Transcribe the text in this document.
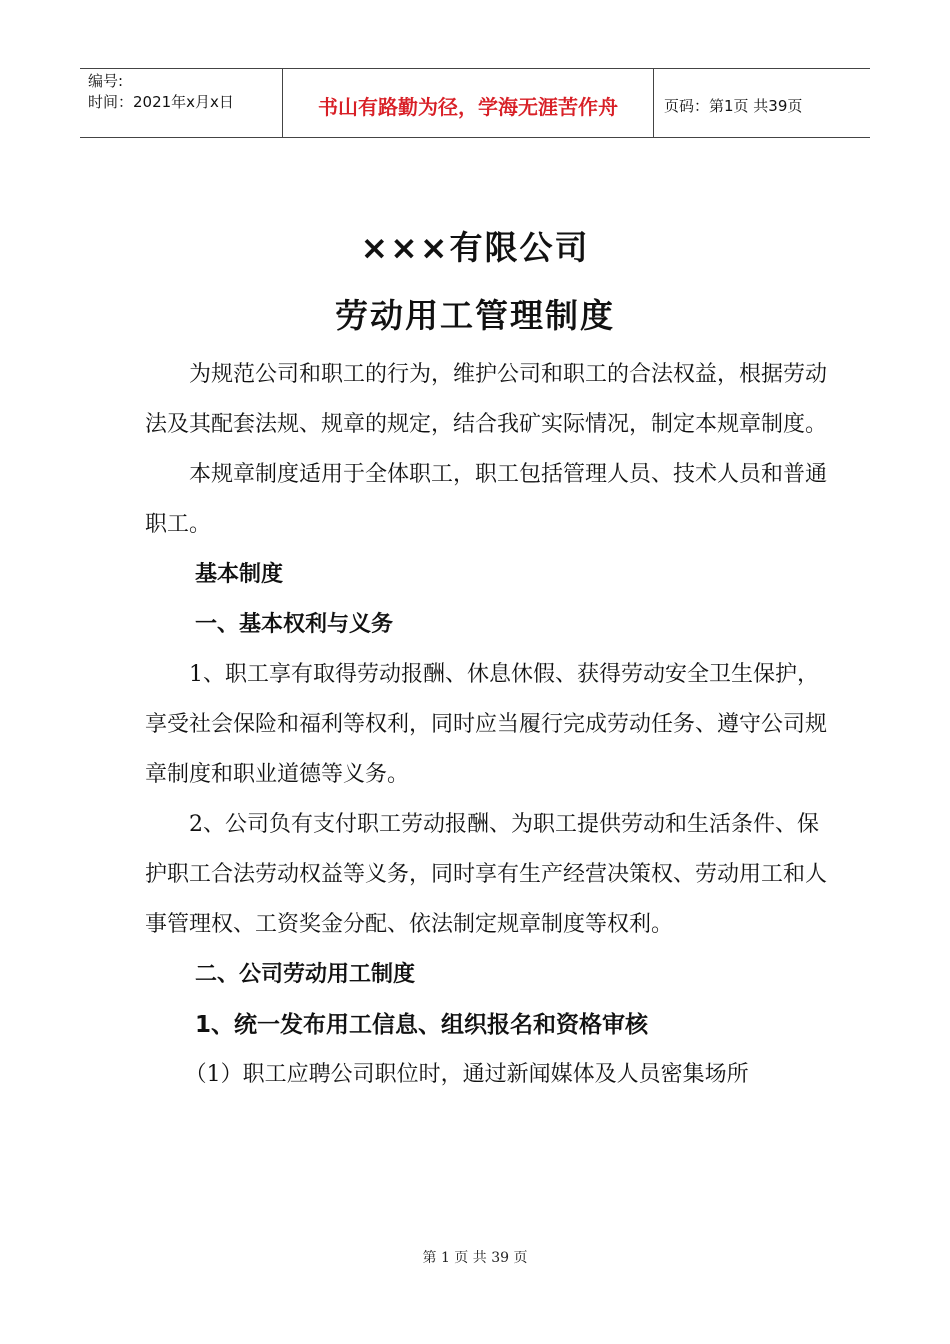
编号:
时间：2021年x月x日	书山有路勤为径，学海无涯苦作舟	页码：第1页 共39页
×××有限公司
劳动用工管理制度

为规范公司和职工的行为，维护公司和职工的合法权益，根据劳动法及其配套法规、规章的规定，结合我矿实际情况，制定本规章制度。

本规章制度适用于全体职工，职工包括管理人员、技术人员和普通职工。

基本制度

一、基本权利与义务

1、职工享有取得劳动报酬、休息休假、获得劳动安全卫生保护，享受社会保险和福利等权利，同时应当履行完成劳动任务、遵守公司规章制度和职业道德等义务。

2、公司负有支付职工劳动报酬、为职工提供劳动和生活条件、保护职工合法劳动权益等义务，同时享有生产经营决策权、劳动用工和人事管理权、工资奖金分配、依法制定规章制度等权利。

二、公司劳动用工制度

1、统一发布用工信息、组织报名和资格审核

（1）职工应聘公司职位时，通过新闻媒体及人员密集场所

第 1 页 共 39 页
